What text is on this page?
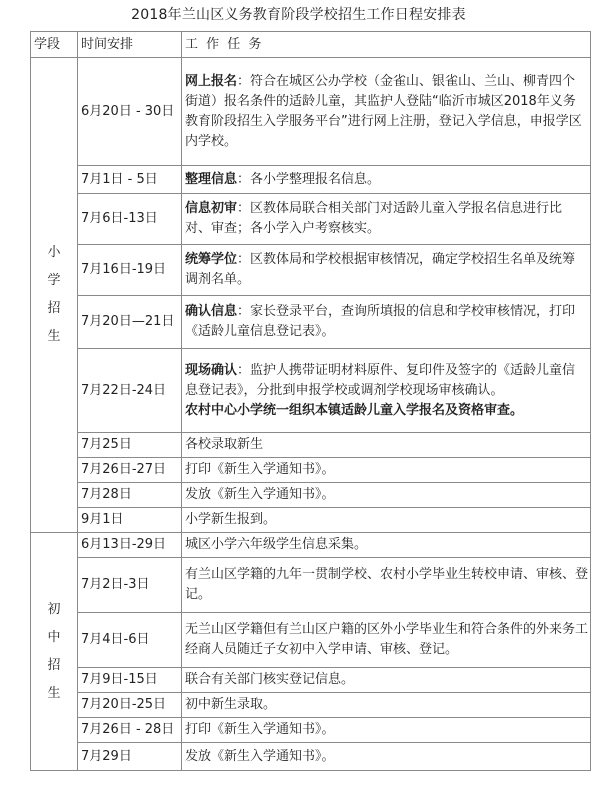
2018年兰山区义务教育阶段学校招生工作日程安排表
学段	时间安排	工 作 任 务

小
学
招
生	6月20日 - 30日	网上报名：符合在城区公办学校（金雀山、银雀山、兰山、柳青四个街道）报名条件的适龄儿童，其监护人登陆“临沂市城区2018年义务教育阶段招生入学服务平台”进行网上注册，登记入学信息，申报学区内学校。
	7月1日 - 5日	整理信息：各小学整理报名信息。
	7月6日-13日	信息初审：区教体局联合相关部门对适龄儿童入学报名信息进行比对、审查；各小学入户考察核实。
	7月16日-19日	统筹学位：区教体局和学校根据审核情况，确定学校招生名单及统筹调剂名单。
	7月20日—21日	确认信息：家长登录平台，查询所填报的信息和学校审核情况，打印《适龄儿童信息登记表》。
	7月22日-24日	现场确认：监护人携带证明材料原件、复印件及签字的《适龄儿童信息登记表》，分批到申报学校或调剂学校现场审核确认。
农村中心小学统一组织本镇适龄儿童入学报名及资格审查。

	7月25日	各校录取新生
	7月26日-27日	打印《新生入学通知书》。
	7月28日	发放《新生入学通知书》。
	9月1日	小学新生报到。

初
中
招
生	6月13日-29日	城区小学六年级学生信息采集。
	7月2日-3日	有兰山区学籍的九年一贯制学校、农村小学毕业生转校申请、审核、登记。
	7月4日-6日	无兰山区学籍但有兰山区户籍的区外小学毕业生和符合条件的外来务工经商人员随迁子女初中入学申请、审核、登记。
	7月9日-15日	联合有关部门核实登记信息。
	7月20日-25日	初中新生录取。
	7月26日 - 28日	打印《新生入学通知书》。
	7月29日	发放《新生入学通知书》。
